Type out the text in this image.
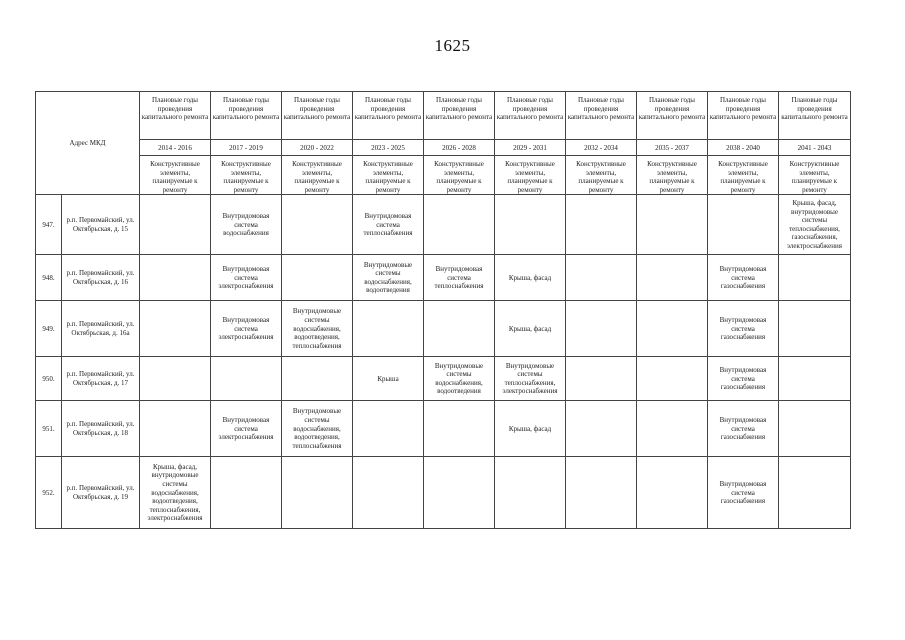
1625
Адрес МКД		Плановые годы проведения капитального ремонта	Плановые годы проведения капитального ремонта	Плановые годы проведения капитального ремонта	Плановые годы проведения капитального ремонта	Плановые годы проведения капитального ремонта	Плановые годы проведения капитального ремонта	Плановые годы проведения капитального ремонта	Плановые годы проведения капитального ремонта	Плановые годы проведения капитального ремонта	Плановые годы проведения капитального ремонта
		2014 - 2016	2017 - 2019	2020 - 2022	2023 - 2025	2026 - 2028	2029 - 2031	2032 - 2034	2035 - 2037	2038 - 2040	2041 - 2043
		Конструктивные элементы, планируемые к ремонту	Конструктивные элементы, планируемые к ремонту	Конструктивные элементы, планируемые к ремонту	Конструктивные элементы, планируемые к ремонту	Конструктивные элементы, планируемые к ремонту	Конструктивные элементы, планируемые к ремонту	Конструктивные элементы, планируемые к ремонту	Конструктивные элементы, планируемые к ремонту	Конструктивные элементы, планируемые к ремонту	Конструктивные элементы, планируемые к ремонту
947.	р.п. Первомайский, ул. Октябрьская, д. 15		Внутридомовая система водоснабжения		Внутридомовая система теплоснабжения						Крыша, фасад, внутридомовые системы теплоснабжения, газоснабжения, электроснабжения
948.	р.п. Первомайский, ул. Октябрьская, д. 16		Внутридомовая система электроснабжения		Внутридомовые системы водоснабжения, водоотведения	Внутридомовая система теплоснабжения	Крыша, фасад			Внутридомовая система газоснабжения	
949.	р.п. Первомайский, ул. Октябрьская, д. 16а		Внутридомовая система электроснабжения	Внутридомовые системы водоснабжения, водоотведения, теплоснабжения			Крыша, фасад			Внутридомовая система газоснабжения	
950.	р.п. Первомайский, ул. Октябрьская, д. 17				Крыша	Внутридомовые системы водоснабжения, водоотведения	Внутридомовые системы теплоснабжения, электроснабжения			Внутридомовая система газоснабжения	
951.	р.п. Первомайский, ул. Октябрьская, д. 18		Внутридомовая система электроснабжения	Внутридомовые системы водоснабжения, водоотведения, теплоснабжения			Крыша, фасад			Внутридомовая система газоснабжения	
952.	р.п. Первомайский, ул. Октябрьская, д. 19	Крыша, фасад, внутридомовые системы водоснабжения, водоотведения, теплоснабжения, электроснабжения								Внутридомовая система газоснабжения	
